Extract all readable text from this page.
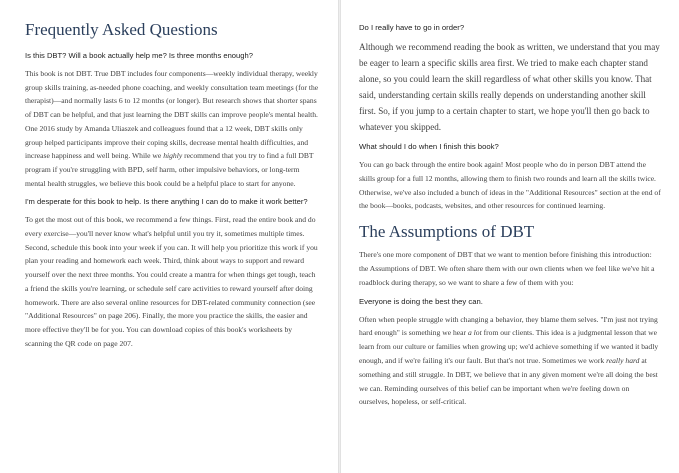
Frequently Asked Questions
Is this DBT? Will a book actually help me? Is three months enough?

This book is not DBT. True DBT includes four components—weekly individual therapy, weekly group skills training, as-needed phone coaching, and weekly consultation team meetings (for the therapist)—and normally lasts 6 to 12 months (or longer). But research shows that shorter spans of DBT can be helpful, and that just learning the DBT skills can improve people's mental health. One 2016 study by Amanda Uliaszek and colleagues found that a 12 week, DBT skills only group helped participants improve their coping skills, decrease mental health difficulties, and increase happiness and well being. While we highly recommend that you try to find a full DBT program if you're struggling with BPD, self harm, other impulsive behaviors, or long-term mental health struggles, we believe this book could be a helpful place to start for anyone.

I'm desperate for this book to help. Is there anything I can do to make it work better?

To get the most out of this book, we recommend a few things. First, read the entire book and do every exercise—you'll never know what's helpful until you try it, sometimes multiple times. Second, schedule this book into your week if you can. It will help you prioritize this work if you plan your reading and homework each week. Third, think about ways to support and reward yourself over the next three months. You could create a mantra for when things get tough, teach a friend the skills you're learning, or schedule self care activities to reward yourself after doing homework. There are also several online resources for DBT-related community connection (see "Additional Resources" on page 206). Finally, the more you practice the skills, the easier and more effective they'll be for you. You can download copies of this book's worksheets by scanning the QR code on page 207.

Do I really have to go in order?

Although we recommend reading the book as written, we understand that you may be eager to learn a specific skills area first. We tried to make each chapter stand alone, so you could learn the skill regardless of what other skills you know. That said, understanding certain skills really depends on understanding another skill first. So, if you jump to a certain chapter to start, we hope you'll then go back to whatever you skipped.

What should I do when I finish this book?

You can go back through the entire book again! Most people who do in person DBT attend the skills group for a full 12 months, allowing them to finish two rounds and learn all the skills twice. Otherwise, we've also included a bunch of ideas in the "Additional Resources" section at the end of the book—books, podcasts, websites, and other resources for continued learning.

The Assumptions of DBT

There's one more component of DBT that we want to mention before finishing this introduction: the Assumptions of DBT. We often share them with our own clients when we feel like we've hit a roadblock during therapy, so we want to share a few of them with you:

Everyone is doing the best they can.

Often when people struggle with changing a behavior, they blame them selves. "I'm just not trying hard enough" is something we hear a lot from our clients. This idea is a judgmental lesson that we learn from our culture or families when growing up; we'd achieve something if we wanted it badly enough, and if we're failing it's our fault. But that's not true. Sometimes we work really hard at something and still struggle. In DBT, we believe that in any given moment we're all doing the best we can. Reminding ourselves of this belief can be important when we're feeling down on ourselves, hopeless, or self-critical.
